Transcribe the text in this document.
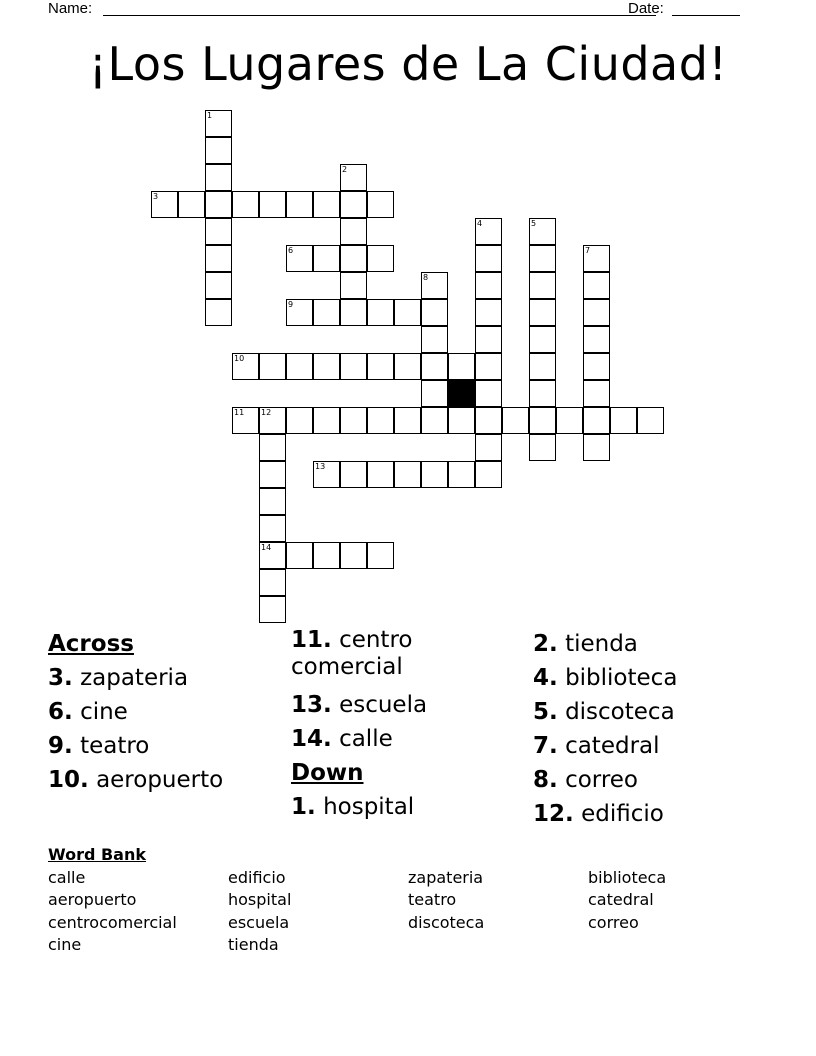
Name:	Date:
¡Los Lugares de La Ciudad!
1
2
3
4	5
6	7
8
9
10
11 12
14
13
Across
3. zapateria
6. cine
9. teatro
10. aeropuerto
11. centro comercial
13. escuela
14. calle
Down
1. hospital
2. tienda
4. biblioteca
5. discoteca
7. catedral
8. correo
12. edificio
Word Bank
calle
aeropuerto
centrocomercial
cine
edificio
hospital
escuela
tienda
zapateria
teatro
discoteca
biblioteca
catedral
correo
